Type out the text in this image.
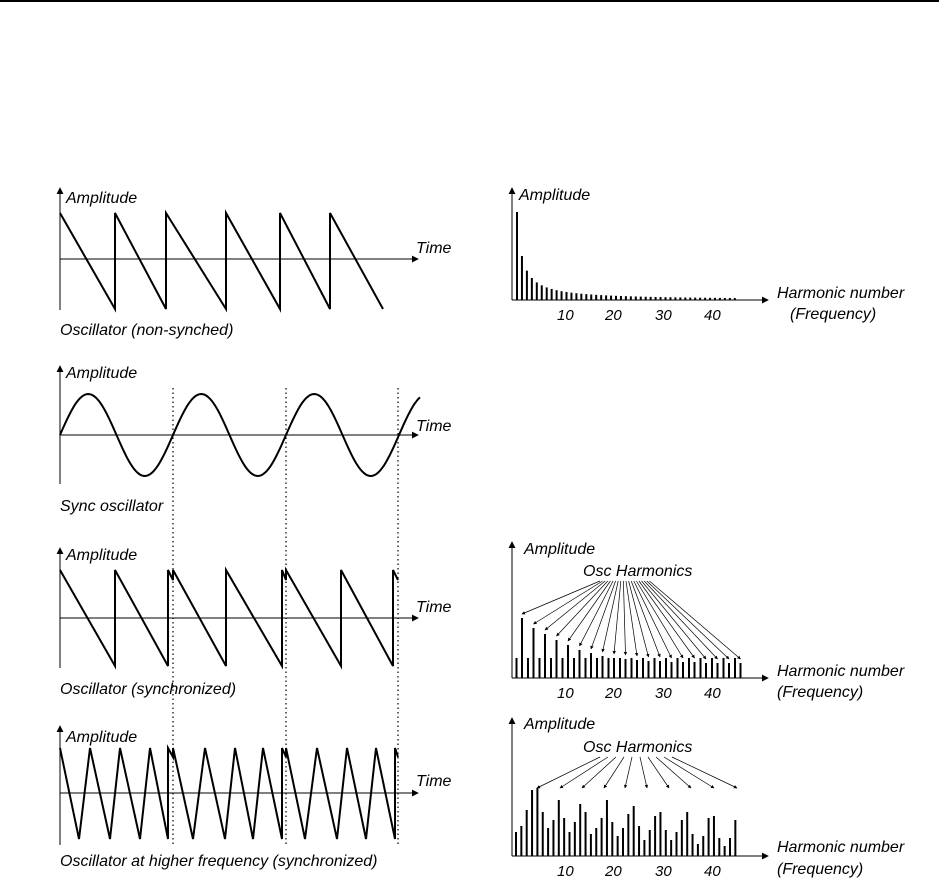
Amplitude
Time
Oscillator (non-synched)
Amplitude
Time
Sync oscillator
Amplitude
Time
Oscillator (synchronized)
Amplitude
Time
Oscillator at higher frequency (synchronized)
Amplitude
Harmonic number
(Frequency)
10 20 30 40
Amplitude
Osc Harmonics
Harmonic number
(Frequency)
10 20 30 40
Amplitude
Osc Harmonics
Harmonic number
(Frequency)
10 20 30 40
